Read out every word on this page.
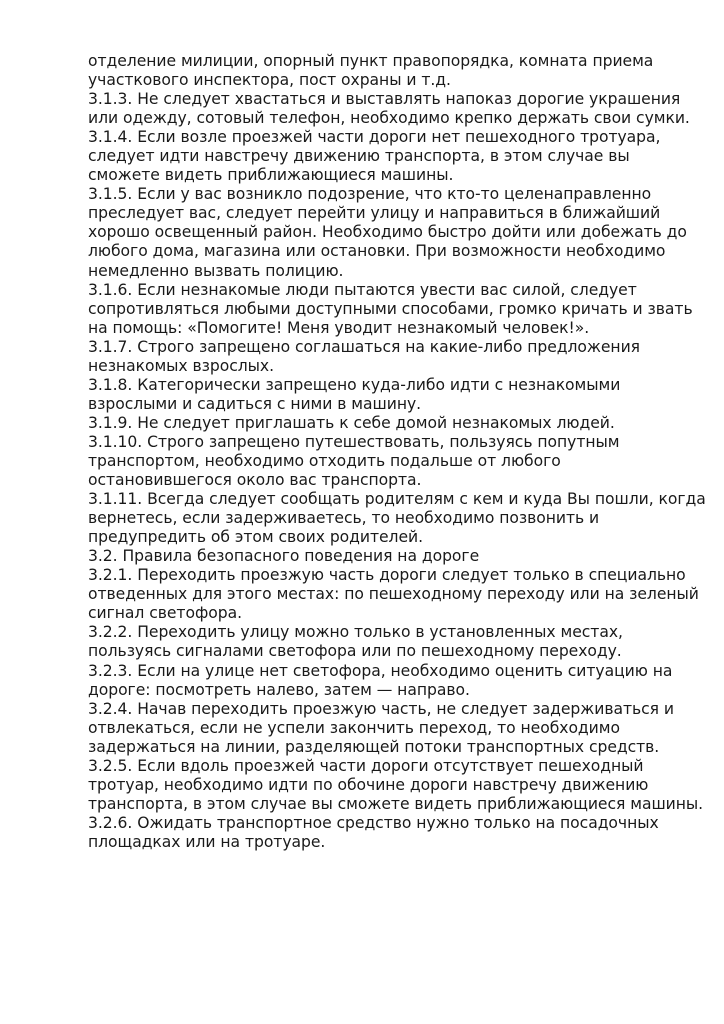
отделение милиции, опорный пункт правопорядка, комната приема участкового инспектора, пост охраны и т.д.

3.1.3. Не следует хвастаться и выставлять напоказ дорогие украшения или одежду, сотовый телефон, необходимо крепко держать свои сумки.

3.1.4. Если возле проезжей части дороги нет пешеходного тротуара, следует идти навстречу движению транспорта, в этом случае вы сможете видеть приближающиеся машины.

3.1.5. Если у вас возникло подозрение, что кто-то целенаправленно преследует вас, следует перейти улицу и направиться в ближайший хорошо освещенный район. Необходимо быстро дойти или добежать до любого дома, магазина или остановки. При возможности необходимо немедленно вызвать полицию.

3.1.6. Если незнакомые люди пытаются увести вас силой, следует сопротивляться любыми доступными способами, громко кричать и звать на помощь: «Помогите! Меня уводит незнакомый человек!».

3.1.7. Строго запрещено соглашаться на какие-либо предложения незнакомых взрослых.

3.1.8. Категорически запрещено куда-либо идти с незнакомыми взрослыми и садиться с ними в машину.

3.1.9. Не следует приглашать к себе домой незнакомых людей.

3.1.10. Строго запрещено путешествовать, пользуясь попутным транспортом, необходимо отходить подальше от любого остановившегося около вас транспорта.

3.1.11. Всегда следует сообщать родителям с кем и куда Вы пошли, когда вернетесь, если задерживаетесь, то необходимо позвонить и предупредить об этом своих родителей.

3.2. Правила безопасного поведения на дороге

3.2.1. Переходить проезжую часть дороги следует только в специально отведенных для этого местах: по пешеходному переходу или на зеленый сигнал светофора.

3.2.2. Переходить улицу можно только в установленных местах, пользуясь сигналами светофора или по пешеходному переходу.

3.2.3. Если на улице нет светофора, необходимо оценить ситуацию на дороге: посмотреть налево, затем — направо.

3.2.4. Начав переходить проезжую часть, не следует задерживаться и отвлекаться, если не успели закончить переход, то необходимо задержаться на линии, разделяющей потоки транспортных средств.

3.2.5. Если вдоль проезжей части дороги отсутствует пешеходный тротуар, необходимо идти по обочине дороги навстречу движению транспорта, в этом случае вы сможете видеть приближающиеся машины.

3.2.6. Ожидать транспортное средство нужно только на посадочных площадках или на тротуаре.
